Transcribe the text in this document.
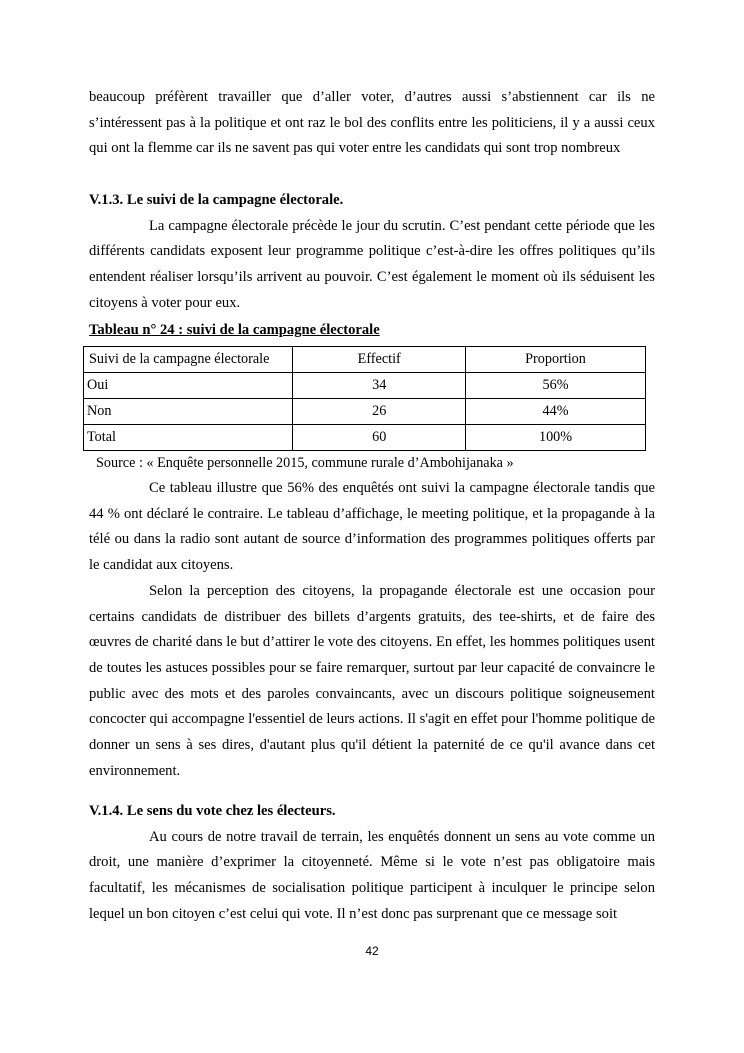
beaucoup préfèrent travailler que d’aller voter, d’autres aussi s’abstiennent car ils ne s’intéressent pas à la politique et ont raz le bol des conflits entre les politiciens, il y a aussi ceux qui ont la flemme car ils ne savent pas qui voter entre les candidats qui sont trop nombreux

V.1.3. Le suivi de la campagne électorale.

La campagne électorale précède le jour du scrutin. C’est pendant cette période que les différents candidats exposent leur programme politique c’est-à-dire les offres politiques qu’ils entendent réaliser lorsqu’ils arrivent au pouvoir. C’est également le moment où ils séduisent les citoyens à voter pour eux.

Tableau n° 24 : suivi de la campagne électorale
Suivi de la campagne électorale	Effectif	Proportion
Oui	34	56%
Non	26	44%
Total	60	100%
Source : « Enquête personnelle 2015, commune rurale d’Ambohijanaka »

Ce tableau illustre que 56% des enquêtés ont suivi la campagne électorale tandis que 44 % ont déclaré le contraire. Le tableau d’affichage, le meeting politique, et la propagande à la télé ou dans la radio sont autant de source d’information des programmes politiques offerts par le candidat aux citoyens.

Selon la perception des citoyens, la propagande électorale est une occasion pour certains candidats de distribuer des billets d’argents gratuits, des tee-shirts, et de faire des œuvres de charité dans le but d’attirer le vote des citoyens. En effet, les hommes politiques usent de toutes les astuces possibles pour se faire remarquer, surtout par leur capacité de convaincre le public avec des mots et des paroles convaincants, avec un discours politique soigneusement concocter qui accompagne l'essentiel de leurs actions. Il s'agit en effet pour l'homme politique de donner un sens à ses dires, d'autant plus qu'il détient la paternité de ce qu'il avance dans cet environnement.

V.1.4. Le sens du vote chez les électeurs.

Au cours de notre travail de terrain, les enquêtés donnent un sens au vote comme un droit, une manière d’exprimer la citoyenneté. Même si le vote n’est pas obligatoire mais facultatif, les mécanismes de socialisation politique participent à inculquer le principe selon lequel un bon citoyen c’est celui qui vote. Il n’est donc pas surprenant que ce message soit

42
